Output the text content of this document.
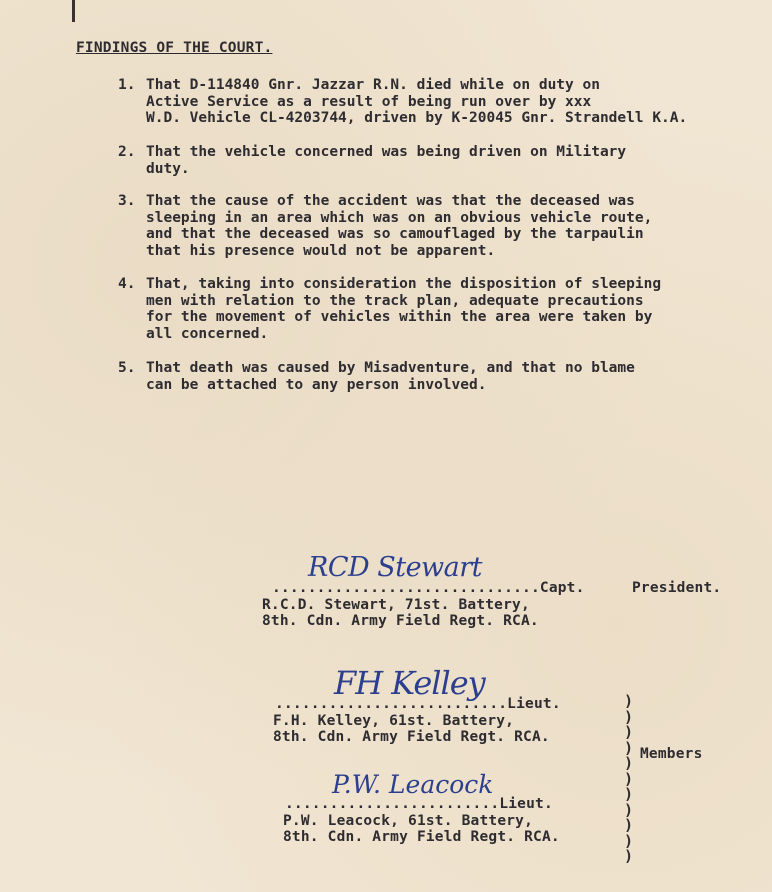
FINDINGS OF THE COURT.
1. That D-114840 Gnr. Jazzar R.N. died while on duty on
Active Service as a result of being run over by xxx
W.D. Vehicle CL-4203744, driven by K-20045 Gnr. Strandell K.A.
2. That the vehicle concerned was being driven on Military
duty.
3. That the cause of the accident was that the deceased was
sleeping in an area which was on an obvious vehicle route,
and that the deceased was so camouflaged by the tarpaulin
that his presence would not be apparent.
4. That, taking into consideration the disposition of sleeping
men with relation to the track plan, adequate precautions
for the movement of vehicles within the area were taken by
all concerned.
5. That death was caused by Misadventure, and that no blame
can be attached to any person involved.
RCD Stewart
..............................Capt.	President.
R.C.D. Stewart, 71st. Battery,
8th. Cdn. Army Field Regt. RCA.
FH Kelley
..........................Lieut.
F.H. Kelley, 61st. Battery,
8th. Cdn. Army Field Regt. RCA.
Members
)
)
)
)
)
)
)
)
)
)
)
P.W. Leacock
........................Lieut.
P.W. Leacock, 61st. Battery,
8th. Cdn. Army Field Regt. RCA.
